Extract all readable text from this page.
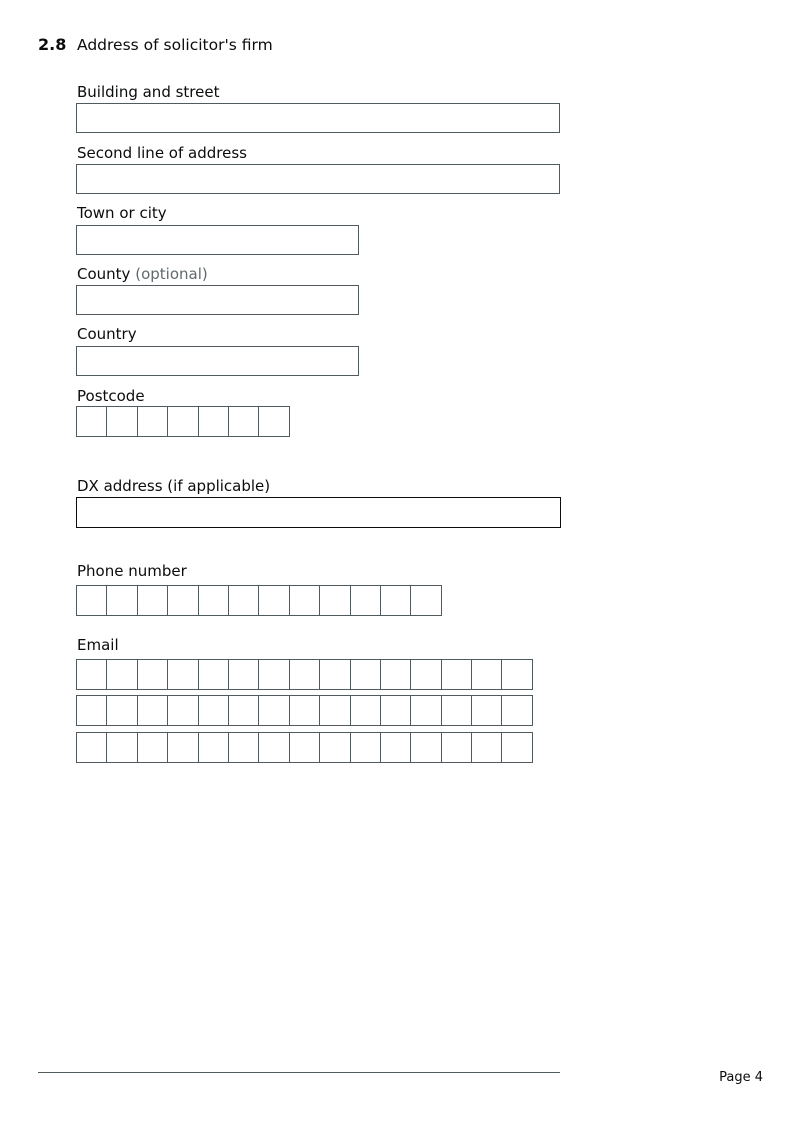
2.8 Address of solicitor's firm
Building and street
Second line of address
Town or city
County (optional)
Country
Postcode
DX address (if applicable)
Phone number
Email
Page 4
